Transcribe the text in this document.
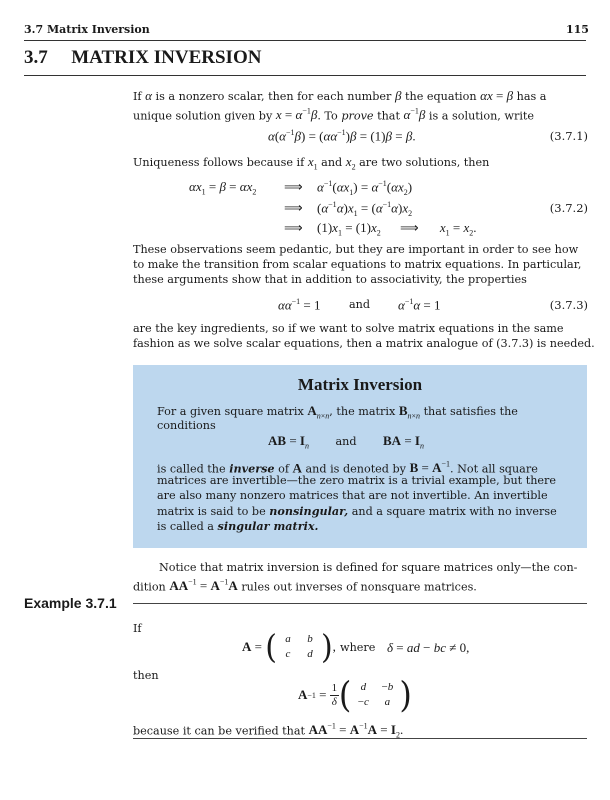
3.7 Matrix Inversion	115
3.7 MATRIX INVERSION
If α is a nonzero scalar, then for each number β the equation αx = β has a
unique solution given by $x = \alpha^{-1}\beta$. To prove that $\alpha^{-1}\beta$ is a solution, write
$\alpha(\alpha^{-1}\beta) = (\alpha\alpha^{-1})\beta = (1)\beta = \beta$.	(3.7.1)
Uniqueness follows because if $x_1$ and $x_2$ are two solutions, then
$\alpha x_1 = \beta = \alpha x_2$ ⟹ $\alpha^{-1}(\alpha x_1) = \alpha^{-1}(\alpha x_2)$
⟹ $(\alpha^{-1}\alpha)x_1 = (\alpha^{-1}\alpha)x_2$	(3.7.2)
⟹ $(1)x_1 = (1)x_2$ ⟹ $x_1 = x_2$.
These observations seem pedantic, but they are important in order to see how
to make the transition from scalar equations to matrix equations. In particular,
these arguments show that in addition to associativity, the properties
$\alpha\alpha^{-1} = 1$	and $\alpha^{-1}\alpha = 1$	(3.7.3)
are the key ingredients, so if we want to solve matrix equations in the same
fashion as we solve scalar equations, then a matrix analogue of (3.7.3) is needed.
Matrix Inversion
For a given square matrix $A_{n\times n}$, the matrix $B_{n\times n}$ that satisfies the
conditions
AB = $I_n$ and BA = $I_n$
is called the inverse of A and is denoted by $B = A^{-1}$. Not all square
matrices are invertible—the zero matrix is a trivial example, but there
are also many nonzero matrices that are not invertible. An invertible
matrix is said to be nonsingular, and a square matrix with no inverse
is called a singular matrix.
Notice that matrix inversion is defined for square matrices only—the con-
dition $AA^{-1} = A^{-1}A$ rules out inverses of nonsquare matrices.
Example 3.7.1
If
A = ( a	b
c	d ) , where δ = ad − bc ≠ 0,
then
A −1 = 1
δ ( d	−b
−c	a )
because it can be verified that $AA^{-1} = A^{-1}A = I_2$.
